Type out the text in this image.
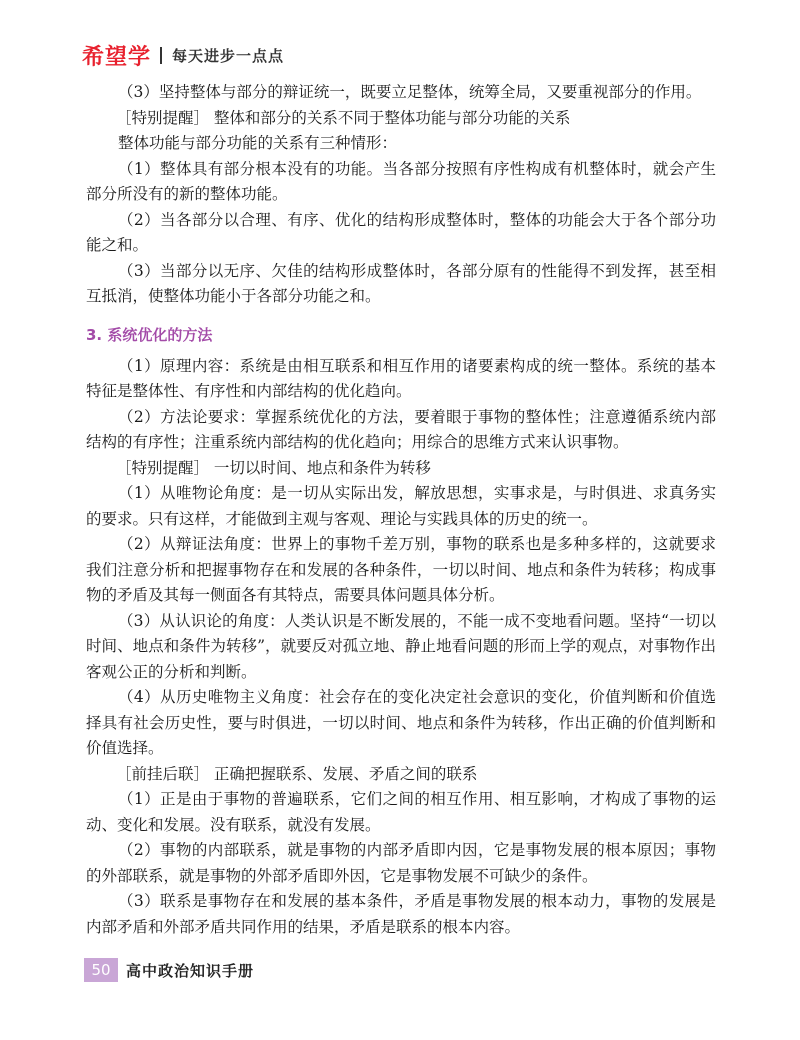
希望学 每天进步一点点

（3）坚持整体与部分的辩证统一，既要立足整体，统筹全局，又要重视部分的作用。

［特别提醒］ 整体和部分的关系不同于整体功能与部分功能的关系

整体功能与部分功能的关系有三种情形：

（1）整体具有部分根本没有的功能。当各部分按照有序性构成有机整体时，就会产生部分所没有的新的整体功能。

（2）当各部分以合理、有序、优化的结构形成整体时，整体的功能会大于各个部分功能之和。

（3）当部分以无序、欠佳的结构形成整体时，各部分原有的性能得不到发挥，甚至相互抵消，使整体功能小于各部分功能之和。

3. 系统优化的方法

（1）原理内容：系统是由相互联系和相互作用的诸要素构成的统一整体。系统的基本特征是整体性、有序性和内部结构的优化趋向。

（2）方法论要求：掌握系统优化的方法，要着眼于事物的整体性；注意遵循系统内部结构的有序性；注重系统内部结构的优化趋向；用综合的思维方式来认识事物。

［特别提醒］ 一切以时间、地点和条件为转移

（1）从唯物论角度：是一切从实际出发，解放思想，实事求是，与时俱进、求真务实的要求。只有这样，才能做到主观与客观、理论与实践具体的历史的统一。

（2）从辩证法角度：世界上的事物千差万别，事物的联系也是多种多样的，这就要求我们注意分析和把握事物存在和发展的各种条件，一切以时间、地点和条件为转移；构成事物的矛盾及其每一侧面各有其特点，需要具体问题具体分析。

（3）从认识论的角度：人类认识是不断发展的，不能一成不变地看问题。坚持“一切以时间、地点和条件为转移”，就要反对孤立地、静止地看问题的形而上学的观点，对事物作出客观公正的分析和判断。

（4）从历史唯物主义角度：社会存在的变化决定社会意识的变化，价值判断和价值选择具有社会历史性，要与时俱进，一切以时间、地点和条件为转移，作出正确的价值判断和价值选择。

［前挂后联］ 正确把握联系、发展、矛盾之间的联系

（1）正是由于事物的普遍联系，它们之间的相互作用、相互影响，才构成了事物的运动、变化和发展。没有联系，就没有发展。

（2）事物的内部联系，就是事物的内部矛盾即内因，它是事物发展的根本原因；事物的外部联系，就是事物的外部矛盾即外因，它是事物发展不可缺少的条件。

（3）联系是事物存在和发展的基本条件，矛盾是事物发展的根本动力，事物的发展是内部矛盾和外部矛盾共同作用的结果，矛盾是联系的根本内容。

50	高中政治知识手册
